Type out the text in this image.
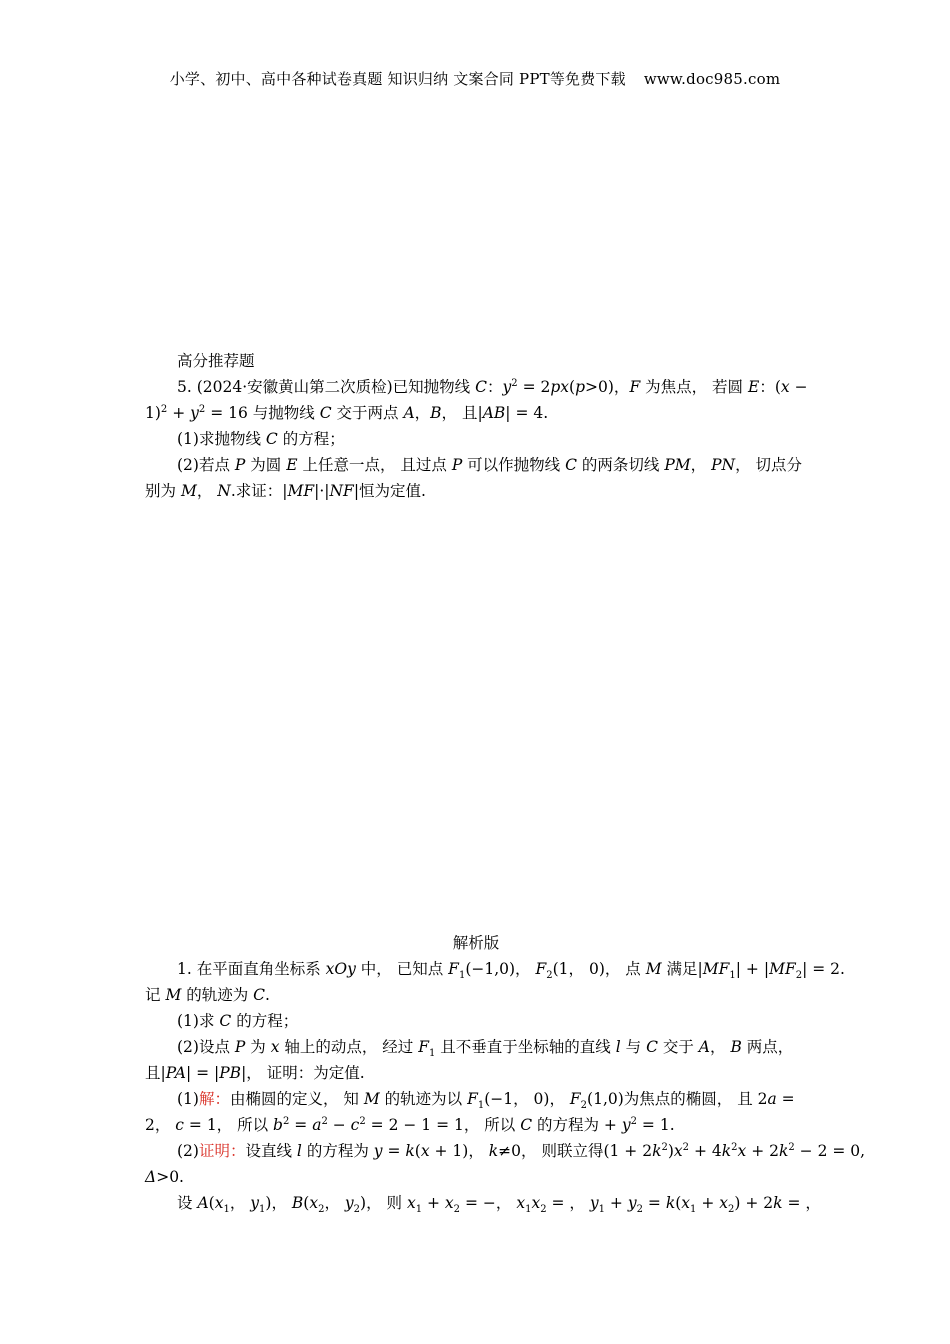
小学、初中、高中各种试卷真题 知识归纳 文案合同 PPT等免费下载 www.doc985.com
高分推荐题
5. (2024·安徽黄山第二次质检)已知抛物线 C：$y^2 = 2px(p>0)$，F 为焦点， 若圆 E：(x −
$1)^2 + y^2 = 16$ 与抛物线 C 交于两点 A，B， 且|AB| = 4.
(1)求抛物线 C 的方程；
(2)若点 P 为圆 E 上任意一点， 且过点 P 可以作抛物线 C 的两条切线 PM， PN， 切点分
别为 M， N.求证：|MF|·|NF|恒为定值.
解析版
1. 在平面直角坐标系 xOy 中， 已知点 $F_1(-1,0)$， $F_2(1$， 0)， 点 M 满足$|MF_1| + |MF_2| = 2$.
记 M 的轨迹为 C.
(1)求 C 的方程；
(2)设点 P 为 x 轴上的动点， 经过 $F_1$ 且不垂直于坐标轴的直线 l 与 C 交于 A， B 两点，
且|PA| = |PB|， 证明：为定值.
(1)解：由椭圆的定义， 知 M 的轨迹为以 $F_1(-1$， 0)， $F_2(1,0)$为焦点的椭圆， 且 2a =
2， c = 1， 所以 $b^2 = a^2 - c^2 = 2 - 1 = 1$， 所以 C 的方程为 + $y^2 = 1$.
(2)证明：设直线 l 的方程为 y = k(x + 1)， k≠0， 则联立得$(1 + 2k^2)x^2 + 4k^2x + 2k^2 - 2 = 0$,
Δ>0.
设 $A(x_1$， $y_1$)， $B(x_2$， $y_2$)， 则 $x_1 + x_2$ = −， $x_1x_2$ = ， $y_1 + y_2 = k(x_1 + x_2) + 2k$ = ，
